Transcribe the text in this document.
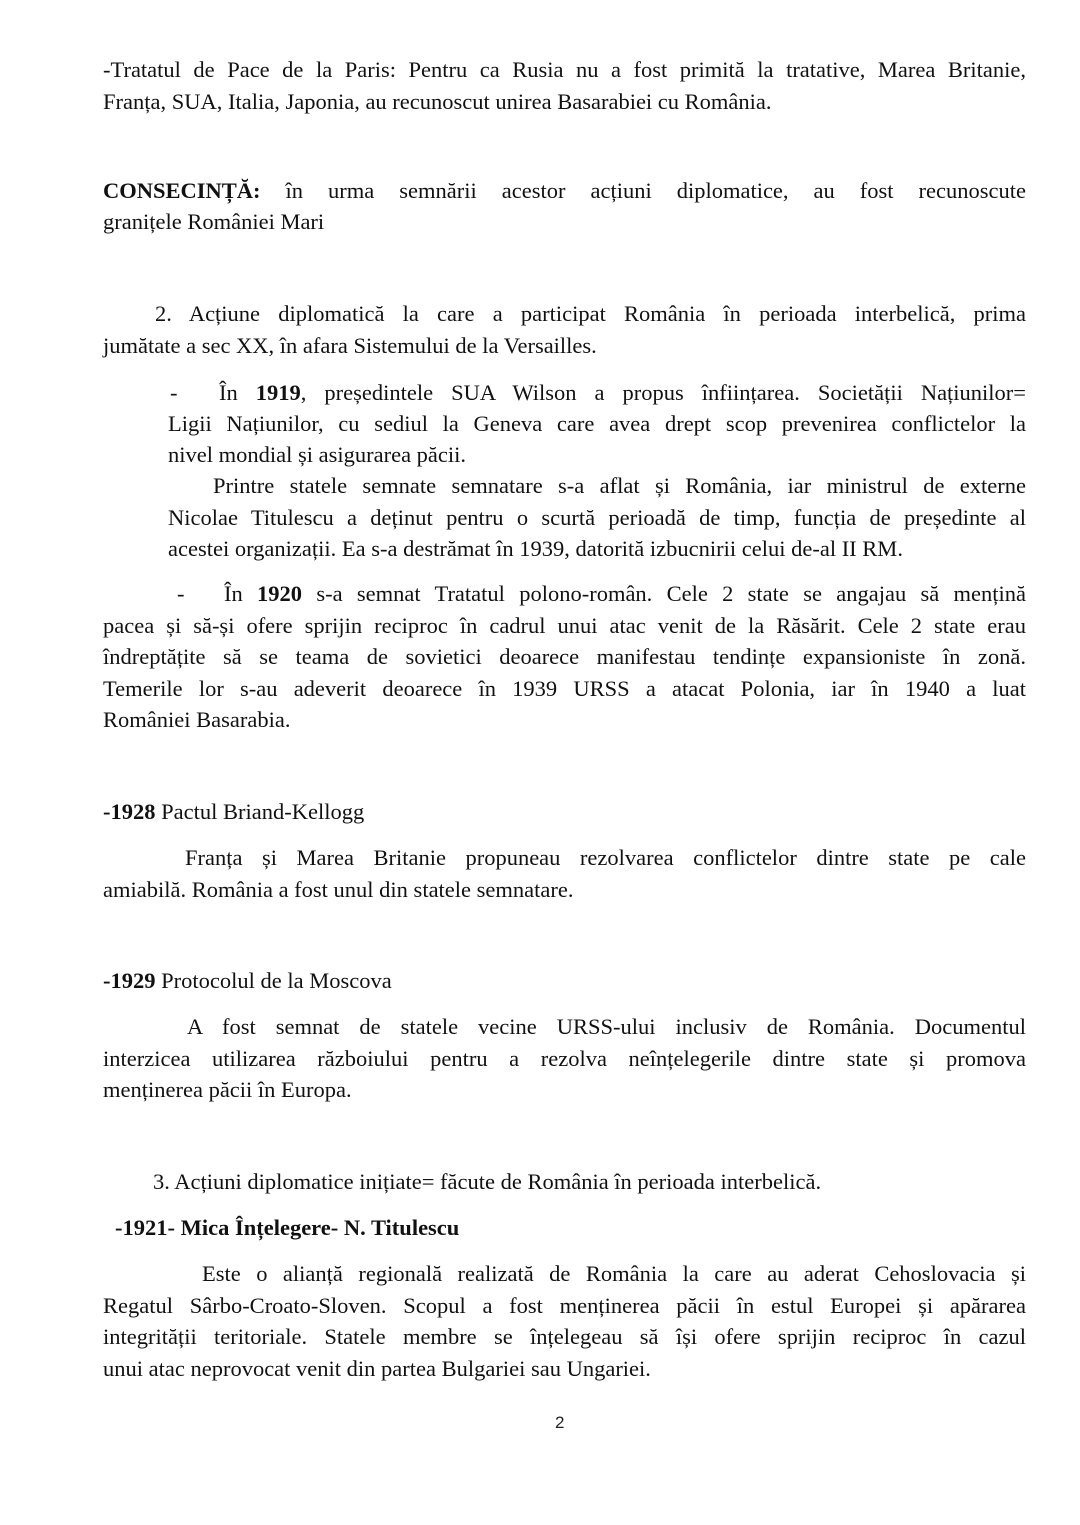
-Tratatul de Pace de la Paris: Pentru ca Rusia nu a fost primită la tratative, Marea Britanie,
Franța, SUA, Italia, Japonia, au recunoscut unirea Basarabiei cu România.
CONSECINȚĂ: în urma semnării acestor acțiuni diplomatice, au fost recunoscute
granițele României Mari
2. Acțiune diplomatică la care a participat România în perioada interbelică, prima
jumătate a sec XX, în afara Sistemului de la Versailles.
- În 1919, președintele SUA Wilson a propus înființarea. Societății Națiunilor=
Ligii Națiunilor, cu sediul la Geneva care avea drept scop prevenirea conflictelor la
nivel mondial și asigurarea păcii.
Printre statele semnate semnatare s-a aflat și România, iar ministrul de externe
Nicolae Titulescu a deținut pentru o scurtă perioadă de timp, funcția de președinte al
acestei organizații. Ea s-a destrămat în 1939, datorită izbucnirii celui de-al II RM.
- În 1920 s-a semnat Tratatul polono-român. Cele 2 state se angajau să mențină
pacea și să-și ofere sprijin reciproc în cadrul unui atac venit de la Răsărit. Cele 2 state erau
îndreptățite să se teama de sovietici deoarece manifestau tendințe expansioniste în zonă.
Temerile lor s-au adeverit deoarece în 1939 URSS a atacat Polonia, iar în 1940 a luat
României Basarabia.
-1928 Pactul Briand-Kellogg
Franța și Marea Britanie propuneau rezolvarea conflictelor dintre state pe cale
amiabilă. România a fost unul din statele semnatare.
-1929 Protocolul de la Moscova
A fost semnat de statele vecine URSS-ului inclusiv de România. Documentul
interzicea utilizarea războiului pentru a rezolva neînțelegerile dintre state și promova
menținerea păcii în Europa.
3. Acțiuni diplomatice inițiate= făcute de România în perioada interbelică.
-1921- Mica Înțelegere- N. Titulescu
Este o alianță regională realizată de România la care au aderat Cehoslovacia și
Regatul Sârbo-Croato-Sloven. Scopul a fost menținerea păcii în estul Europei și apărarea
integrității teritoriale. Statele membre se înțelegeau să își ofere sprijin reciproc în cazul
unui atac neprovocat venit din partea Bulgariei sau Ungariei.
2
